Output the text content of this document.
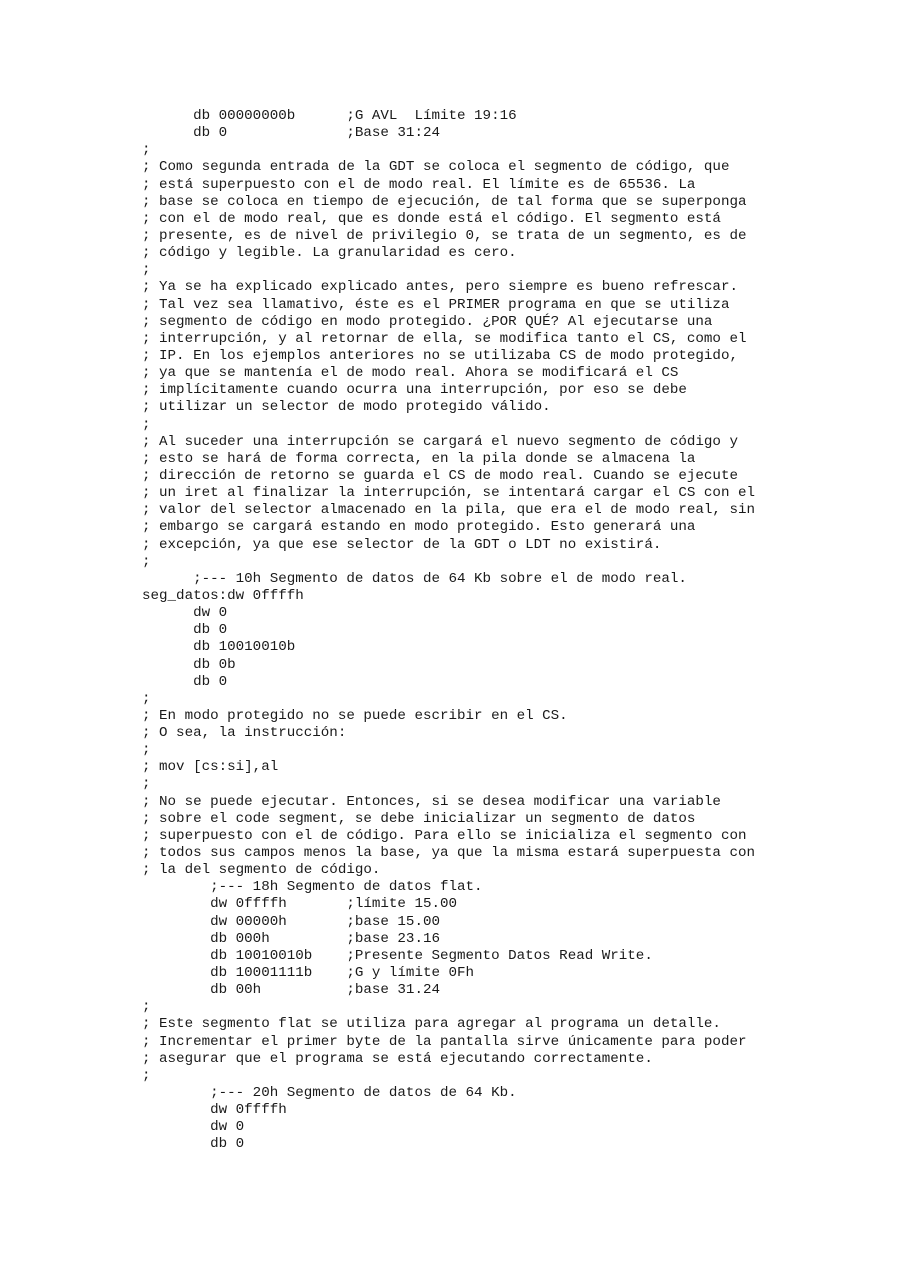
db 00000000b      ;G AVL  Límite 19:16
db 0              ;Base 31:24
;
; Como segunda entrada de la GDT se coloca el segmento de código, que
; está superpuesto con el de modo real. El límite es de 65536. La
; base se coloca en tiempo de ejecución, de tal forma que se superponga
; con el de modo real, que es donde está el código. El segmento está
; presente, es de nivel de privilegio 0, se trata de un segmento, es de
; código y legible. La granularidad es cero.
;
; Ya se ha explicado explicado antes, pero siempre es bueno refrescar.
; Tal vez sea llamativo, éste es el PRIMER programa en que se utiliza
; segmento de código en modo protegido. ¿POR QUÉ? Al ejecutarse una
; interrupción, y al retornar de ella, se modifica tanto el CS, como el
; IP. En los ejemplos anteriores no se utilizaba CS de modo protegido,
; ya que se mantenía el de modo real. Ahora se modificará el CS
; implícitamente cuando ocurra una interrupción, por eso se debe
; utilizar un selector de modo protegido válido.
;
; Al suceder una interrupción se cargará el nuevo segmento de código y
; esto se hará de forma correcta, en la pila donde se almacena la
; dirección de retorno se guarda el CS de modo real. Cuando se ejecute
; un iret al finalizar la interrupción, se intentará cargar el CS con el
; valor del selector almacenado en la pila, que era el de modo real, sin
; embargo se cargará estando en modo protegido. Esto generará una
; excepción, ya que ese selector de la GDT o LDT no existirá.
;
;--- 10h Segmento de datos de 64 Kb sobre el de modo real.
seg_datos:dw 0ffffh
dw 0
db 0
db 10010010b
db 0b
db 0
;
; En modo protegido no se puede escribir en el CS.
; O sea, la instrucción:
;
; mov [cs:si],al
;
; No se puede ejecutar. Entonces, si se desea modificar una variable
; sobre el code segment, se debe inicializar un segmento de datos
; superpuesto con el de código. Para ello se inicializa el segmento con
; todos sus campos menos la base, ya que la misma estará superpuesta con
; la del segmento de código.
;--- 18h Segmento de datos flat.
dw 0ffffh       ;límite 15.00
dw 00000h       ;base 15.00
db 000h         ;base 23.16
db 10010010b    ;Presente Segmento Datos Read Write.
db 10001111b    ;G y límite 0Fh
db 00h          ;base 31.24
;
; Este segmento flat se utiliza para agregar al programa un detalle.
; Incrementar el primer byte de la pantalla sirve únicamente para poder
; asegurar que el programa se está ejecutando correctamente.
;
;--- 20h Segmento de datos de 64 Kb.
dw 0ffffh
dw 0
db 0
